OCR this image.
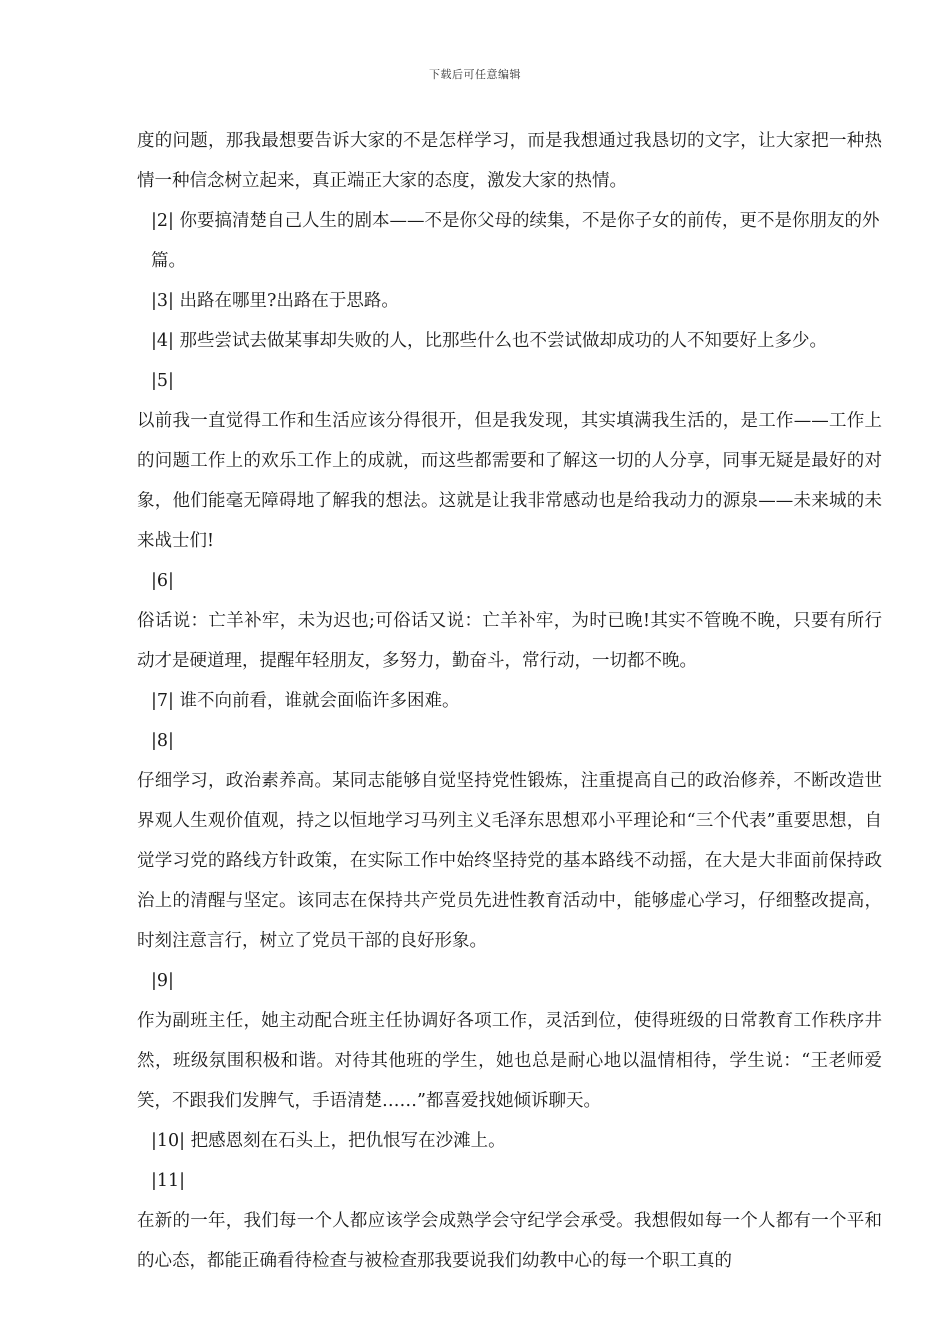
下载后可任意编辑

度的问题，那我最想要告诉大家的不是怎样学习，而是我想通过我恳切的文字，让大家把一种热情一种信念树立起来，真正端正大家的态度，激发大家的热情。

|2| 你要搞清楚自己人生的剧本——不是你父母的续集，不是你子女的前传，更不是你朋友的外篇。

|3| 出路在哪里?出路在于思路。

|4| 那些尝试去做某事却失败的人，比那些什么也不尝试做却成功的人不知要好上多少。

|5|

以前我一直觉得工作和生活应该分得很开，但是我发现，其实填满我生活的，是工作——工作上的问题工作上的欢乐工作上的成就，而这些都需要和了解这一切的人分享，同事无疑是最好的对象，他们能毫无障碍地了解我的想法。这就是让我非常感动也是给我动力的源泉——未来城的未来战士们!

|6|

俗话说：亡羊补牢，未为迟也;可俗话又说：亡羊补牢，为时已晚!其实不管晚不晚，只要有所行动才是硬道理，提醒年轻朋友，多努力，勤奋斗，常行动，一切都不晚。

|7| 谁不向前看，谁就会面临许多困难。

|8|

仔细学习，政治素养高。某同志能够自觉坚持党性锻炼，注重提高自己的政治修养，不断改造世界观人生观价值观，持之以恒地学习马列主义毛泽东思想邓小平理论和“三个代表”重要思想，自觉学习党的路线方针政策，在实际工作中始终坚持党的基本路线不动摇，在大是大非面前保持政治上的清醒与坚定。该同志在保持共产党员先进性教育活动中，能够虚心学习，仔细整改提高，时刻注意言行，树立了党员干部的良好形象。

|9|

作为副班主任，她主动配合班主任协调好各项工作，灵活到位，使得班级的日常教育工作秩序井然，班级氛围积极和谐。对待其他班的学生，她也总是耐心地以温情相待，学生说：“王老师爱笑，不跟我们发脾气，手语清楚……”都喜爱找她倾诉聊天。

|10| 把感恩刻在石头上，把仇恨写在沙滩上。

|11|

在新的一年，我们每一个人都应该学会成熟学会守纪学会承受。我想假如每一个人都有一个平和的心态，都能正确看待检查与被检查那我要说我们幼教中心的每一个职工真的
